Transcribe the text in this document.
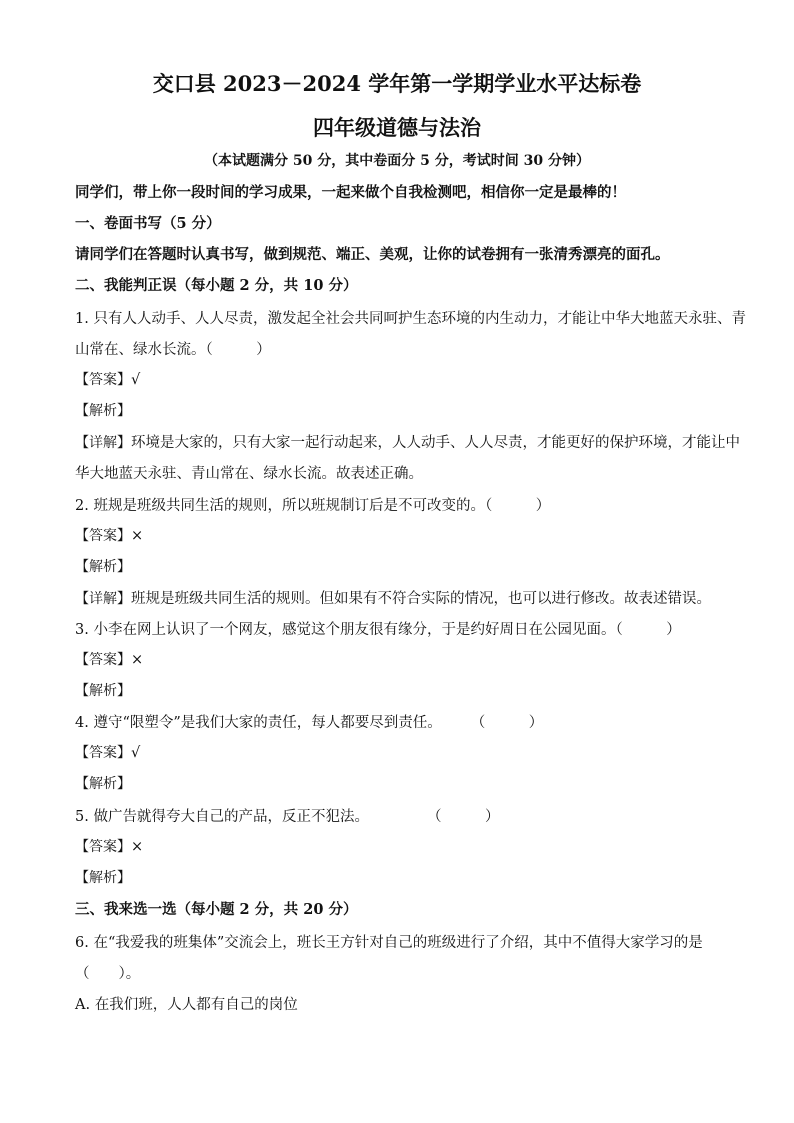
交口县 2023－2024 学年第一学期学业水平达标卷
四年级道德与法治
（本试题满分 50 分，其中卷面分 5 分，考试时间 30 分钟）
同学们，带上你一段时间的学习成果，一起来做个自我检测吧，相信你一定是最棒的！
一、卷面书写（5 分）
请同学们在答题时认真书写，做到规范、端正、美观，让你的试卷拥有一张清秀漂亮的面孔。
二、我能判正误（每小题 2 分，共 10 分）
1. 只有人人动手、人人尽责，激发起全社会共同呵护生态环境的内生动力，才能让中华大地蓝天永驻、青
山常在、绿水长流。（　　　）
【答案】√
【解析】
【详解】环境是大家的，只有大家一起行动起来，人人动手、人人尽责，才能更好的保护环境，才能让中
华大地蓝天永驻、青山常在、绿水长流。故表述正确。
2. 班规是班级共同生活的规则，所以班规制订后是不可改变的。（　　　）
【答案】×
【解析】
【详解】班规是班级共同生活的规则。但如果有不符合实际的情况，也可以进行修改。故表述错误。
3. 小李在网上认识了一个网友，感觉这个朋友很有缘分，于是约好周日在公园见面。（　　　）
【答案】×
【解析】
4. 遵守“限塑令”是我们大家的责任，每人都要尽到责任。　　　（　　　）
【答案】√
【解析】
5. 做广告就得夸大自己的产品，反正不犯法。　　　　　（　　　）
【答案】×
【解析】
三、我来选一选（每小题 2 分，共 20 分）
6. 在“我爱我的班集体”交流会上，班长王方针对自己的班级进行了介绍，其中不值得大家学习的是
（　　）。
A. 在我们班，人人都有自己的岗位
